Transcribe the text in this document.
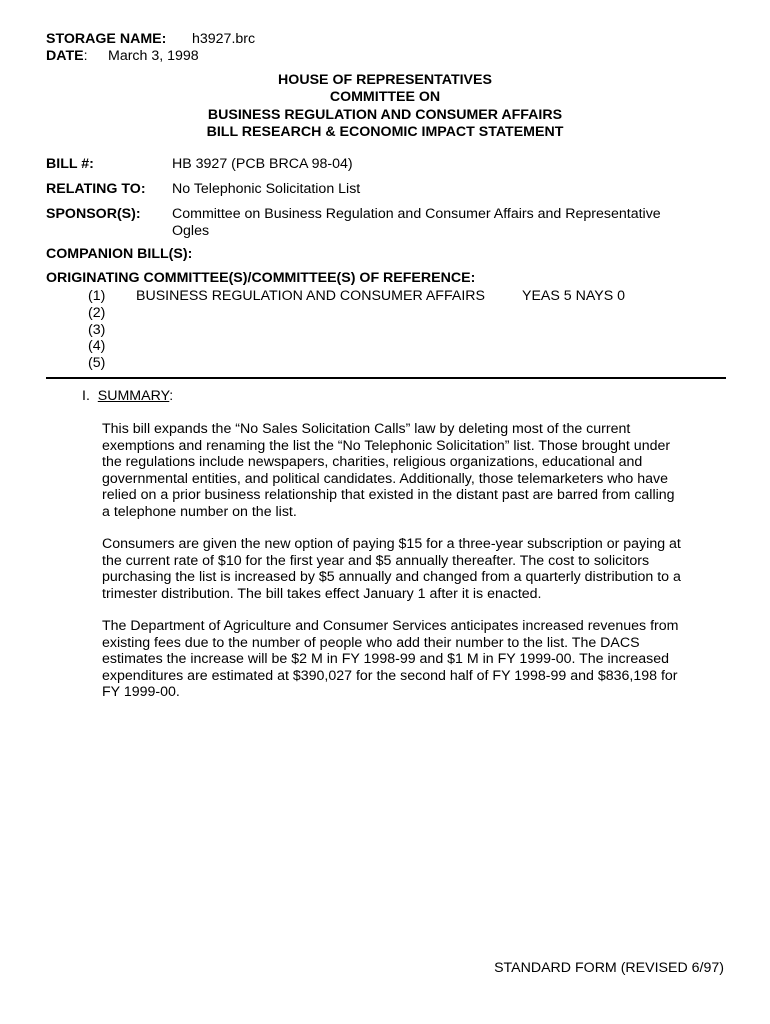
STORAGE NAME: h3927.brc
DATE: March 3, 1998
HOUSE OF REPRESENTATIVES
COMMITTEE ON
BUSINESS REGULATION AND CONSUMER AFFAIRS
BILL RESEARCH & ECONOMIC IMPACT STATEMENT
BILL #:	HB 3927 (PCB BRCA 98-04)
RELATING TO: No Telephonic Solicitation List
SPONSOR(S): Committee on Business Regulation and Consumer Affairs and Representative
Ogles
COMPANION BILL(S):
ORIGINATING COMMITTEE(S)/COMMITTEE(S) OF REFERENCE:
(1) BUSINESS REGULATION AND CONSUMER AFFAIRS	YEAS 5 NAYS 0
(2)
(3)
(4)
(5)
I. SUMMARY:
This bill expands the “No Sales Solicitation Calls” law by deleting most of the current
exemptions and renaming the list the “No Telephonic Solicitation” list. Those brought under
the regulations include newspapers, charities, religious organizations, educational and
governmental entities, and political candidates. Additionally, those telemarketers who have
relied on a prior business relationship that existed in the distant past are barred from calling
a telephone number on the list.
Consumers are given the new option of paying $15 for a three-year subscription or paying at
the current rate of $10 for the first year and $5 annually thereafter. The cost to solicitors
purchasing the list is increased by $5 annually and changed from a quarterly distribution to a
trimester distribution. The bill takes effect January 1 after it is enacted.
The Department of Agriculture and Consumer Services anticipates increased revenues from
existing fees due to the number of people who add their number to the list. The DACS
estimates the increase will be $2 M in FY 1998-99 and $1 M in FY 1999-00. The increased
expenditures are estimated at $390,027 for the second half of FY 1998-99 and $836,198 for
FY 1999-00.
STANDARD FORM (REVISED 6/97)
